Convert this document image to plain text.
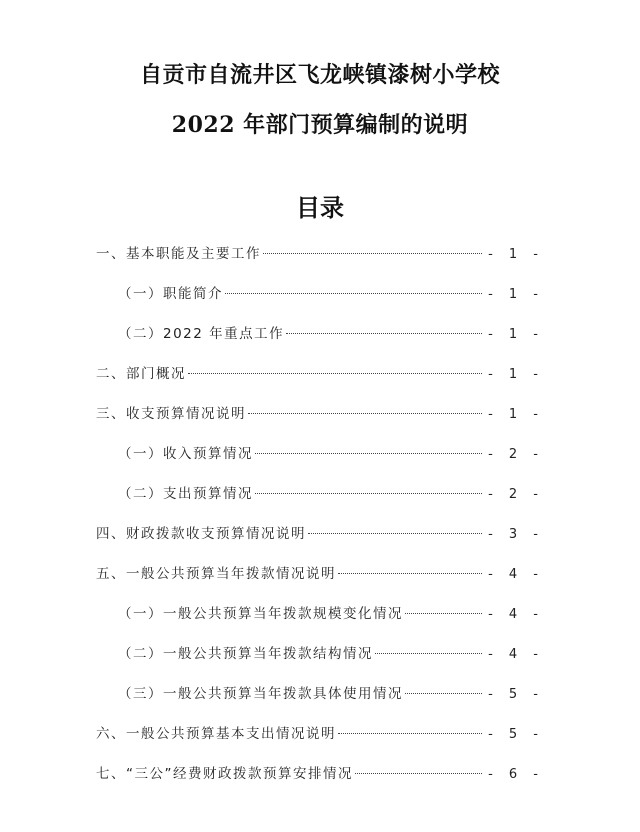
自贡市自流井区飞龙峡镇漆树小学校
2022 年部门预算编制的说明
目录
一、基本职能及主要工作	- 1 -
（一）职能简介	- 1 -
（二）2022 年重点工作	- 1 -
二、部门概况	- 1 -
三、收支预算情况说明	- 1 -
（一）收入预算情况	- 2 -
（二）支出预算情况	- 2 -
四、财政拨款收支预算情况说明	- 3 -
五、一般公共预算当年拨款情况说明	- 4 -
（一）一般公共预算当年拨款规模变化情况	- 4 -
（二）一般公共预算当年拨款结构情况	- 4 -
（三）一般公共预算当年拨款具体使用情况	- 5 -
六、一般公共预算基本支出情况说明	- 5 -
七、“三公”经费财政拨款预算安排情况	- 6 -
